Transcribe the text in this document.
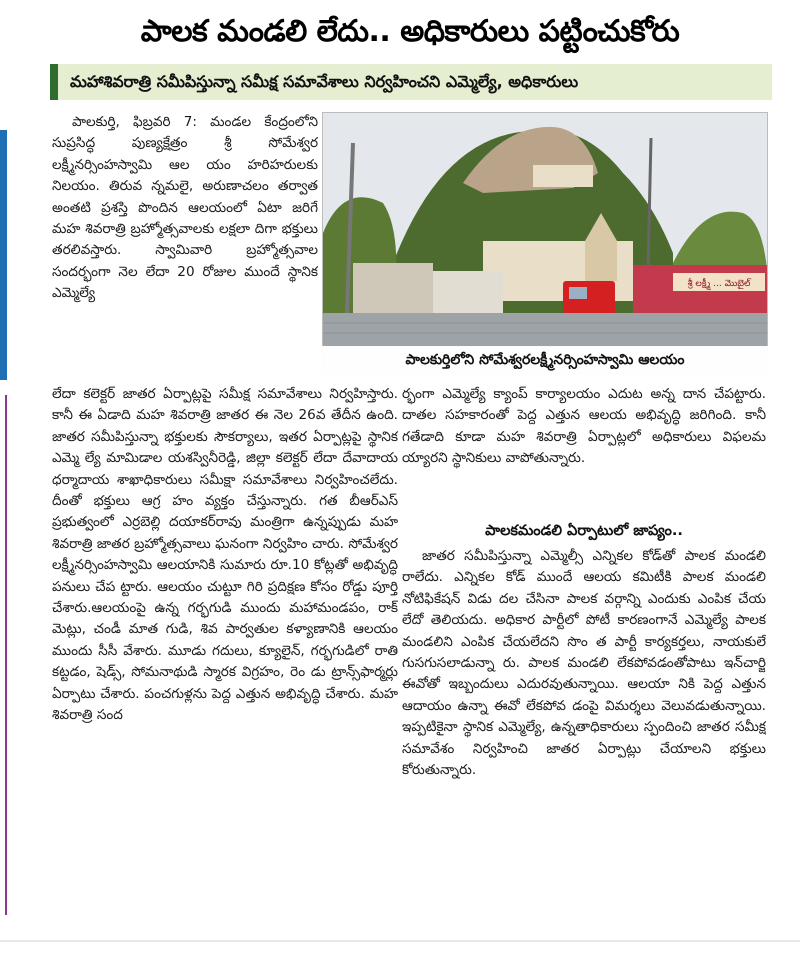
పాలక మండలి లేదు.. అధికారులు పట్టించుకోరు
మహాశివరాత్రి సమీపిస్తున్నా సమీక్ష సమావేశాలు నిర్వహించని ఎమ్మెల్యే, అధికారులు

పాలకుర్తి, ఫిబ్రవరి 7: మండల కేంద్రంలోని సుప్రసిద్ధ పుణ్యక్షేత్రం శ్రీ సోమేశ్వర లక్ష్మీనర్సింహస్వామి ఆల యం హరిహరులకు నిలయం. తిరువ న్నమలై, అరుణాచలం తర్వాత అంతటి ప్రశస్తి పొందిన ఆలయంలో ఏటా జరిగే మహ శివరాత్రి బ్రహ్మోత్సవాలకు లక్షలా దిగా భక్తులు తరలివస్తారు. స్వామివారి బ్రహ్మోత్సవాల సందర్భంగా నెల లేదా 20 రోజుల ముందే స్థానిక ఎమ్మెల్యే

శ్రీ లక్ష్మీ ... మొబైల్
పాలకుర్తిలోని సోమేశ్వరలక్ష్మీనర్సింహస్వామి ఆలయం

లేదా కలెక్టర్ జాతర ఏర్పాట్లపై సమీక్ష సమావేశాలు నిర్వహిస్తారు. కానీ ఈ ఏడాది మహ శివరాత్రి జాతర ఈ నెల 26వ తేదీన ఉంది. జాతర సమీపిస్తున్నా భక్తులకు సౌకర్యాలు, ఇతర ఏర్పాట్లపై స్థానిక ఎమ్మె ల్యే మామిడాల యశస్వినీరెడ్డి, జిల్లా కలెక్టర్ లేదా దేవాదాయ ధర్మాదాయ శాఖాధికారులు సమీక్షా సమావేశాలు నిర్వహించలేదు. దీంతో భక్తులు ఆగ్ర హం వ్యక్తం చేస్తున్నారు. గత బీఆర్ఎస్ ప్రభుత్వంలో ఎర్రబెల్లి దయాకర్‌రావు మంత్రిగా ఉన్నప్పుడు మహ శివరాత్రి జాతర బ్రహ్మోత్సవాలు ఘనంగా నిర్వహిం చారు. సోమేశ్వర లక్ష్మీనర్సింహస్వామి ఆలయానికి సుమారు రూ.10 కోట్లతో అభివృద్ధి పనులు చేప ట్టారు. ఆలయం చుట్టూ గిరి ప్రదిక్షణ కోసం రోడ్డు పూర్తి చేశారు.ఆలయంపై ఉన్న గర్భగుడి ముందు మహామండపం, రాక్ మెట్లు, చండీ మాత గుడి, శివ పార్వతుల కళ్యాణానికి ఆలయం ముందు సీసీ వేశారు. మూడు గదులు, క్యూలైన్, గర్భగుడిలో రాతి కట్టడం, షెడ్స్, సోమనాథుడి స్మారక విగ్రహం, రెం డు ట్రాన్స్‌ఫార్మర్లు ఏర్పాటు చేశారు. పంచగుళ్లను పెద్ద ఎత్తున అభివృద్ధి చేశారు. మహ శివరాత్రి సంద

ర్భంగా ఎమ్మెల్యే క్యాంప్ కార్యాలయం ఎదుట అన్న దాన చేపట్టారు. దాతల సహకారంతో పెద్ద ఎత్తున ఆలయ అభివృద్ధి జరిగింది. కానీ గతేడాది కూడా మహ శివరాత్రి ఏర్పాట్లలో అధికారులు విఫలమ య్యారని స్థానికులు వాపోతున్నారు.

పాలకమండలి ఏర్పాటులో జాప్యం..

జాతర సమీపిస్తున్నా ఎమ్మెల్సీ ఎన్నికల కోడ్‌తో పాలక మండలి రాలేదు. ఎన్నికల కోడ్ ముందే ఆలయ కమిటీకి పాలక మండలి నోటిఫికేషన్ విడు దల చేసినా పాలక వర్గాన్ని ఎందుకు ఎంపిక చేయ లేదో తెలియదు. అధికార పార్టీలో పోటీ కారణంగానే ఎమ్మెల్యే పాలక మండలిని ఎంపిక చేయలేదని సొం త పార్టీ కార్యకర్తలు, నాయకులే గుసగుసలాడున్నా రు. పాలక మండలి లేకపోవడంతోపాటు ఇన్‌చార్జి ఈవోతో ఇబ్బందులు ఎదురవుతున్నాయి. ఆలయా నికి పెద్ద ఎత్తున ఆదాయం ఉన్నా ఈవో లేకపోవ డంపై విమర్శలు వెలువడుతున్నాయి. ఇప్పటికైనా స్థానిక ఎమ్మెల్యే, ఉన్నతాధికారులు స్పందించి జాతర సమీక్ష సమావేశం నిర్వహించి జాతర ఏర్పాట్లు చేయాలని భక్తులు కోరుతున్నారు.
